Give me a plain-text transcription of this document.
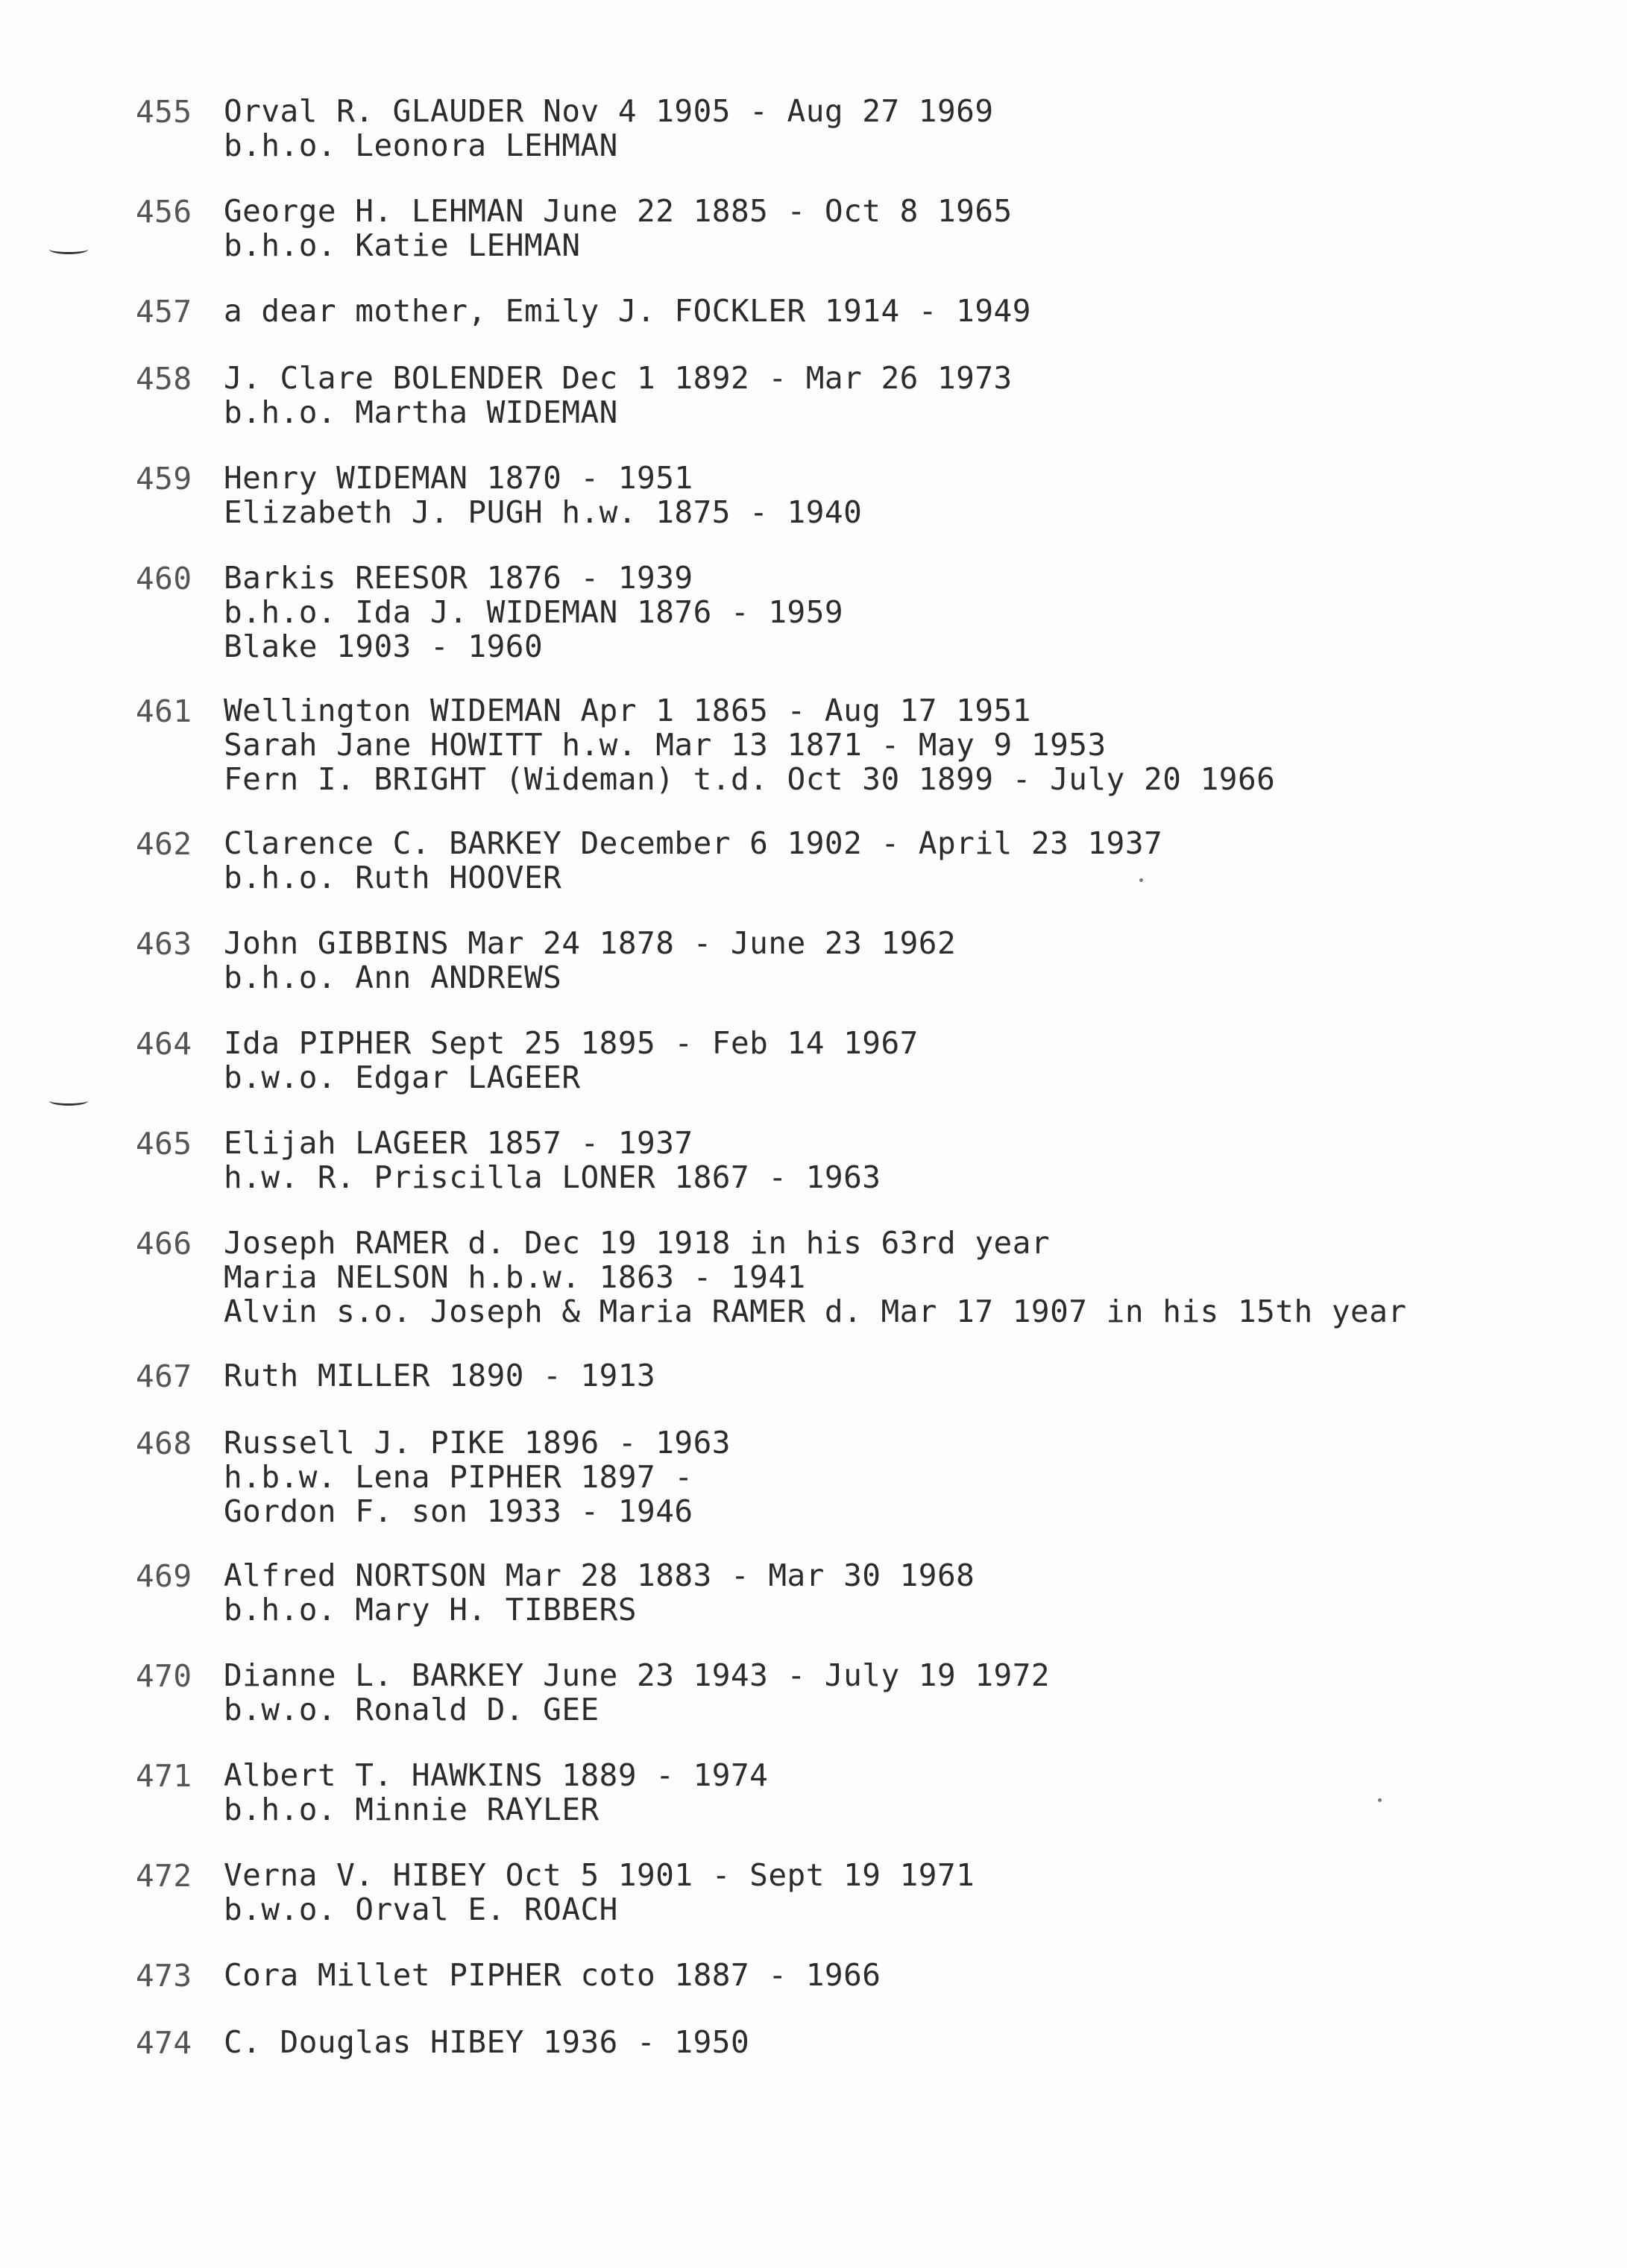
455	Orval R. GLAUDER Nov 4 1905 - Aug 27 1969
b.h.o. Leonora LEHMAN
456	George H. LEHMAN June 22 1885 - Oct 8 1965
b.h.o. Katie LEHMAN
457	a dear mother, Emily J. FOCKLER 1914 - 1949
458	J. Clare BOLENDER Dec 1 1892 - Mar 26 1973
b.h.o. Martha WIDEMAN
459	Henry WIDEMAN 1870 - 1951
Elizabeth J. PUGH h.w. 1875 - 1940
460	Barkis REESOR 1876 - 1939
b.h.o. Ida J. WIDEMAN 1876 - 1959
Blake 1903 - 1960
461	Wellington WIDEMAN Apr 1 1865 - Aug 17 1951
Sarah Jane HOWITT h.w. Mar 13 1871 - May 9 1953
Fern I. BRIGHT (Wideman) t.d. Oct 30 1899 - July 20 1966
462	Clarence C. BARKEY December 6 1902 - April 23 1937
b.h.o. Ruth HOOVER
463	John GIBBINS Mar 24 1878 - June 23 1962
b.h.o. Ann ANDREWS
464	Ida PIPHER Sept 25 1895 - Feb 14 1967
b.w.o. Edgar LAGEER
465	Elijah LAGEER 1857 - 1937
h.w. R. Priscilla LONER 1867 - 1963
466	Joseph RAMER d. Dec 19 1918 in his 63rd year
Maria NELSON h.b.w. 1863 - 1941
Alvin s.o. Joseph & Maria RAMER d. Mar 17 1907 in his 15th year
467	Ruth MILLER 1890 - 1913
468	Russell J. PIKE 1896 - 1963
h.b.w. Lena PIPHER 1897 -
Gordon F. son 1933 - 1946
469	Alfred NORTSON Mar 28 1883 - Mar 30 1968
b.h.o. Mary H. TIBBERS
470	Dianne L. BARKEY June 23 1943 - July 19 1972
b.w.o. Ronald D. GEE
471	Albert T. HAWKINS 1889 - 1974
b.h.o. Minnie RAYLER
472	Verna V. HIBEY Oct 5 1901 - Sept 19 1971
b.w.o. Orval E. ROACH
473	Cora Millet PIPHER coto 1887 - 1966
474	C. Douglas HIBEY 1936 - 1950
